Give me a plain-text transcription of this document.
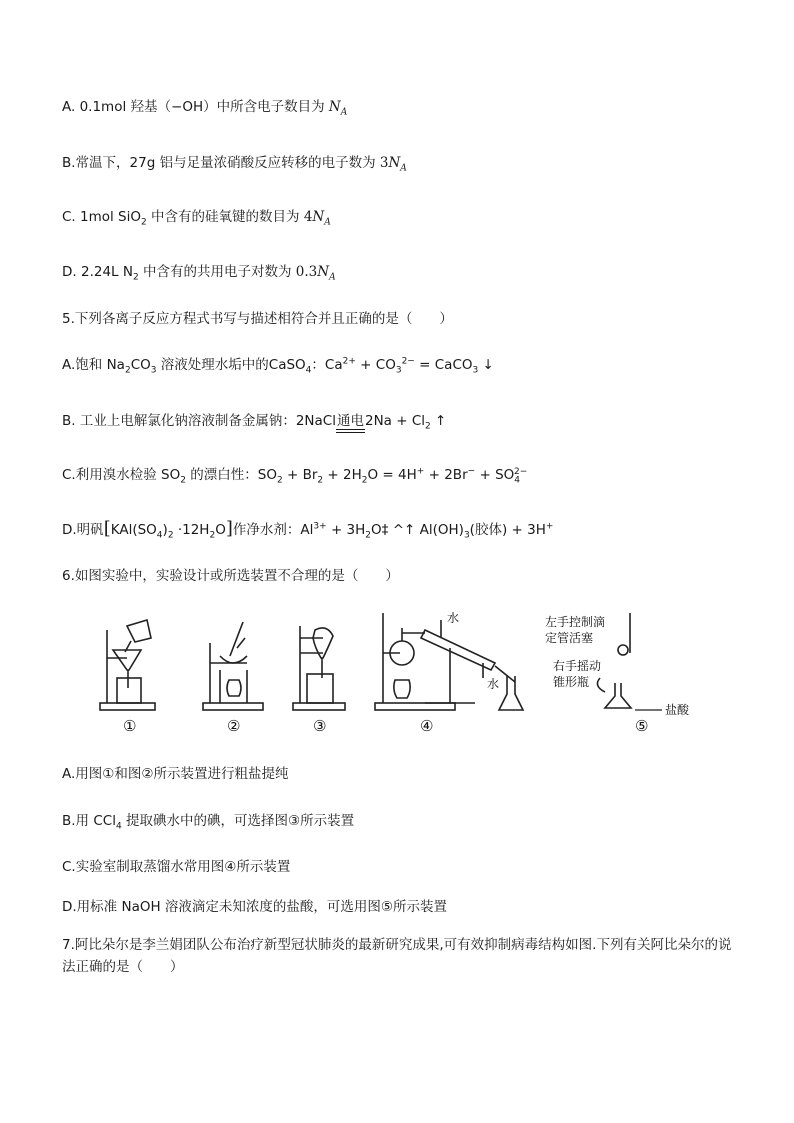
A. 0.1mol 羟基（−OH）中所含电子数目为 $N_A$
B.常温下，27g 铝与足量浓硝酸反应转移的电子数为 $3N_A$
C. 1mol SiO$_2$ 中含有的硅氧键的数目为 $4N_A$
D. 2.24L $N_2$ 中含有的共用电子对数为 $0.3N_A$
5.下列各离子反应方程式书写与描述相符合并且正确的是（　　）
A.饱和 $Na_2CO_3$ 溶液处理水垢中的CaSO$_4$：$Ca^{2+} + CO_3^{2-}$ = CaCO$_3$ ↓
B. 工业上电解氯化钠溶液制备金属钠：2NaCl通电
$2Na + Cl_2$ ↑
C.利用溴水检验 $SO_2$ 的漂白性：$SO_2 + Br_2 + 2H_2O = 4H^+ + 2Br^- + SO_4^{2-}$
D.明矾$[KAl(SO_4)_2 \cdot 12H_2O]$作净水剂：$Al^{3+}$ + $3H_2O\ddagger$ ^↑ $Al(OH)_3$(胶体) + 3H+
6.如图实验中，实验设计或所选装置不合理的是（　　）
①	②	③	④	⑤
水
水
左手控制滴
定管活塞
右手摇动
锥形瓶
盐酸
A.用图①和图②所示装置进行粗盐提纯
B.用 CCl$_4$ 提取碘水中的碘，可选择图③所示装置
C.实验室制取蒸馏水常用图④所示装置
D.用标准 NaOH 溶液滴定未知浓度的盐酸，可选用图⑤所示装置
7.阿比朵尔是李兰娟团队公布治疗新型冠状肺炎的最新研究成果,可有效抑制病毒结构如图.下列有关阿比朵尔的说法正确的是（　　）
